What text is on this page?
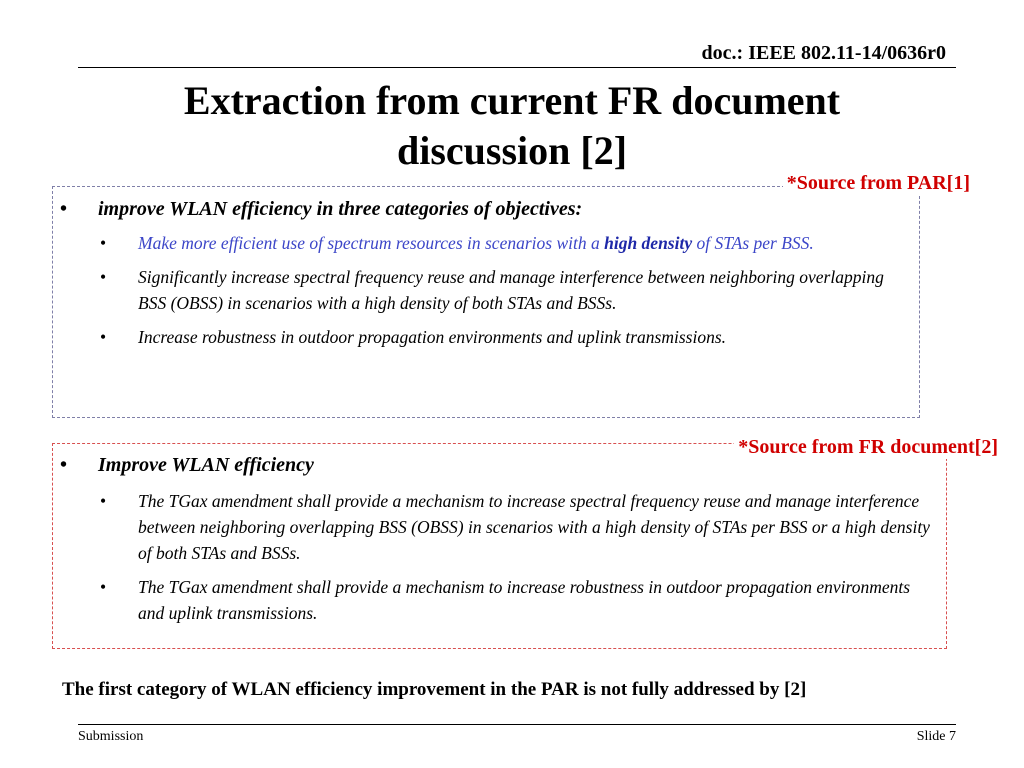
doc.: IEEE 802.11-14/0636r0
Extraction from current FR document
discussion [2]
*Source from PAR[1]
•	improve WLAN efficiency in three categories of objectives:
•	Make more efficient use of spectrum resources in scenarios with a high density of STAs per BSS.
•	Significantly increase spectral frequency reuse and manage interference between neighboring overlapping BSS (OBSS) in scenarios with a high density of both STAs and BSSs.
•	Increase robustness in outdoor propagation environments and uplink transmissions.
*Source from FR document[2]
•	Improve WLAN efficiency
•	The TGax amendment shall provide a mechanism to increase spectral frequency reuse and manage interference between neighboring overlapping BSS (OBSS) in scenarios with a high density of STAs per BSS or a high density of both STAs and BSSs.
•	The TGax amendment shall provide a mechanism to increase robustness in outdoor propagation environments and uplink transmissions.
The first category of WLAN efficiency improvement in the PAR is not fully addressed by [2]
Submission	Slide 7
